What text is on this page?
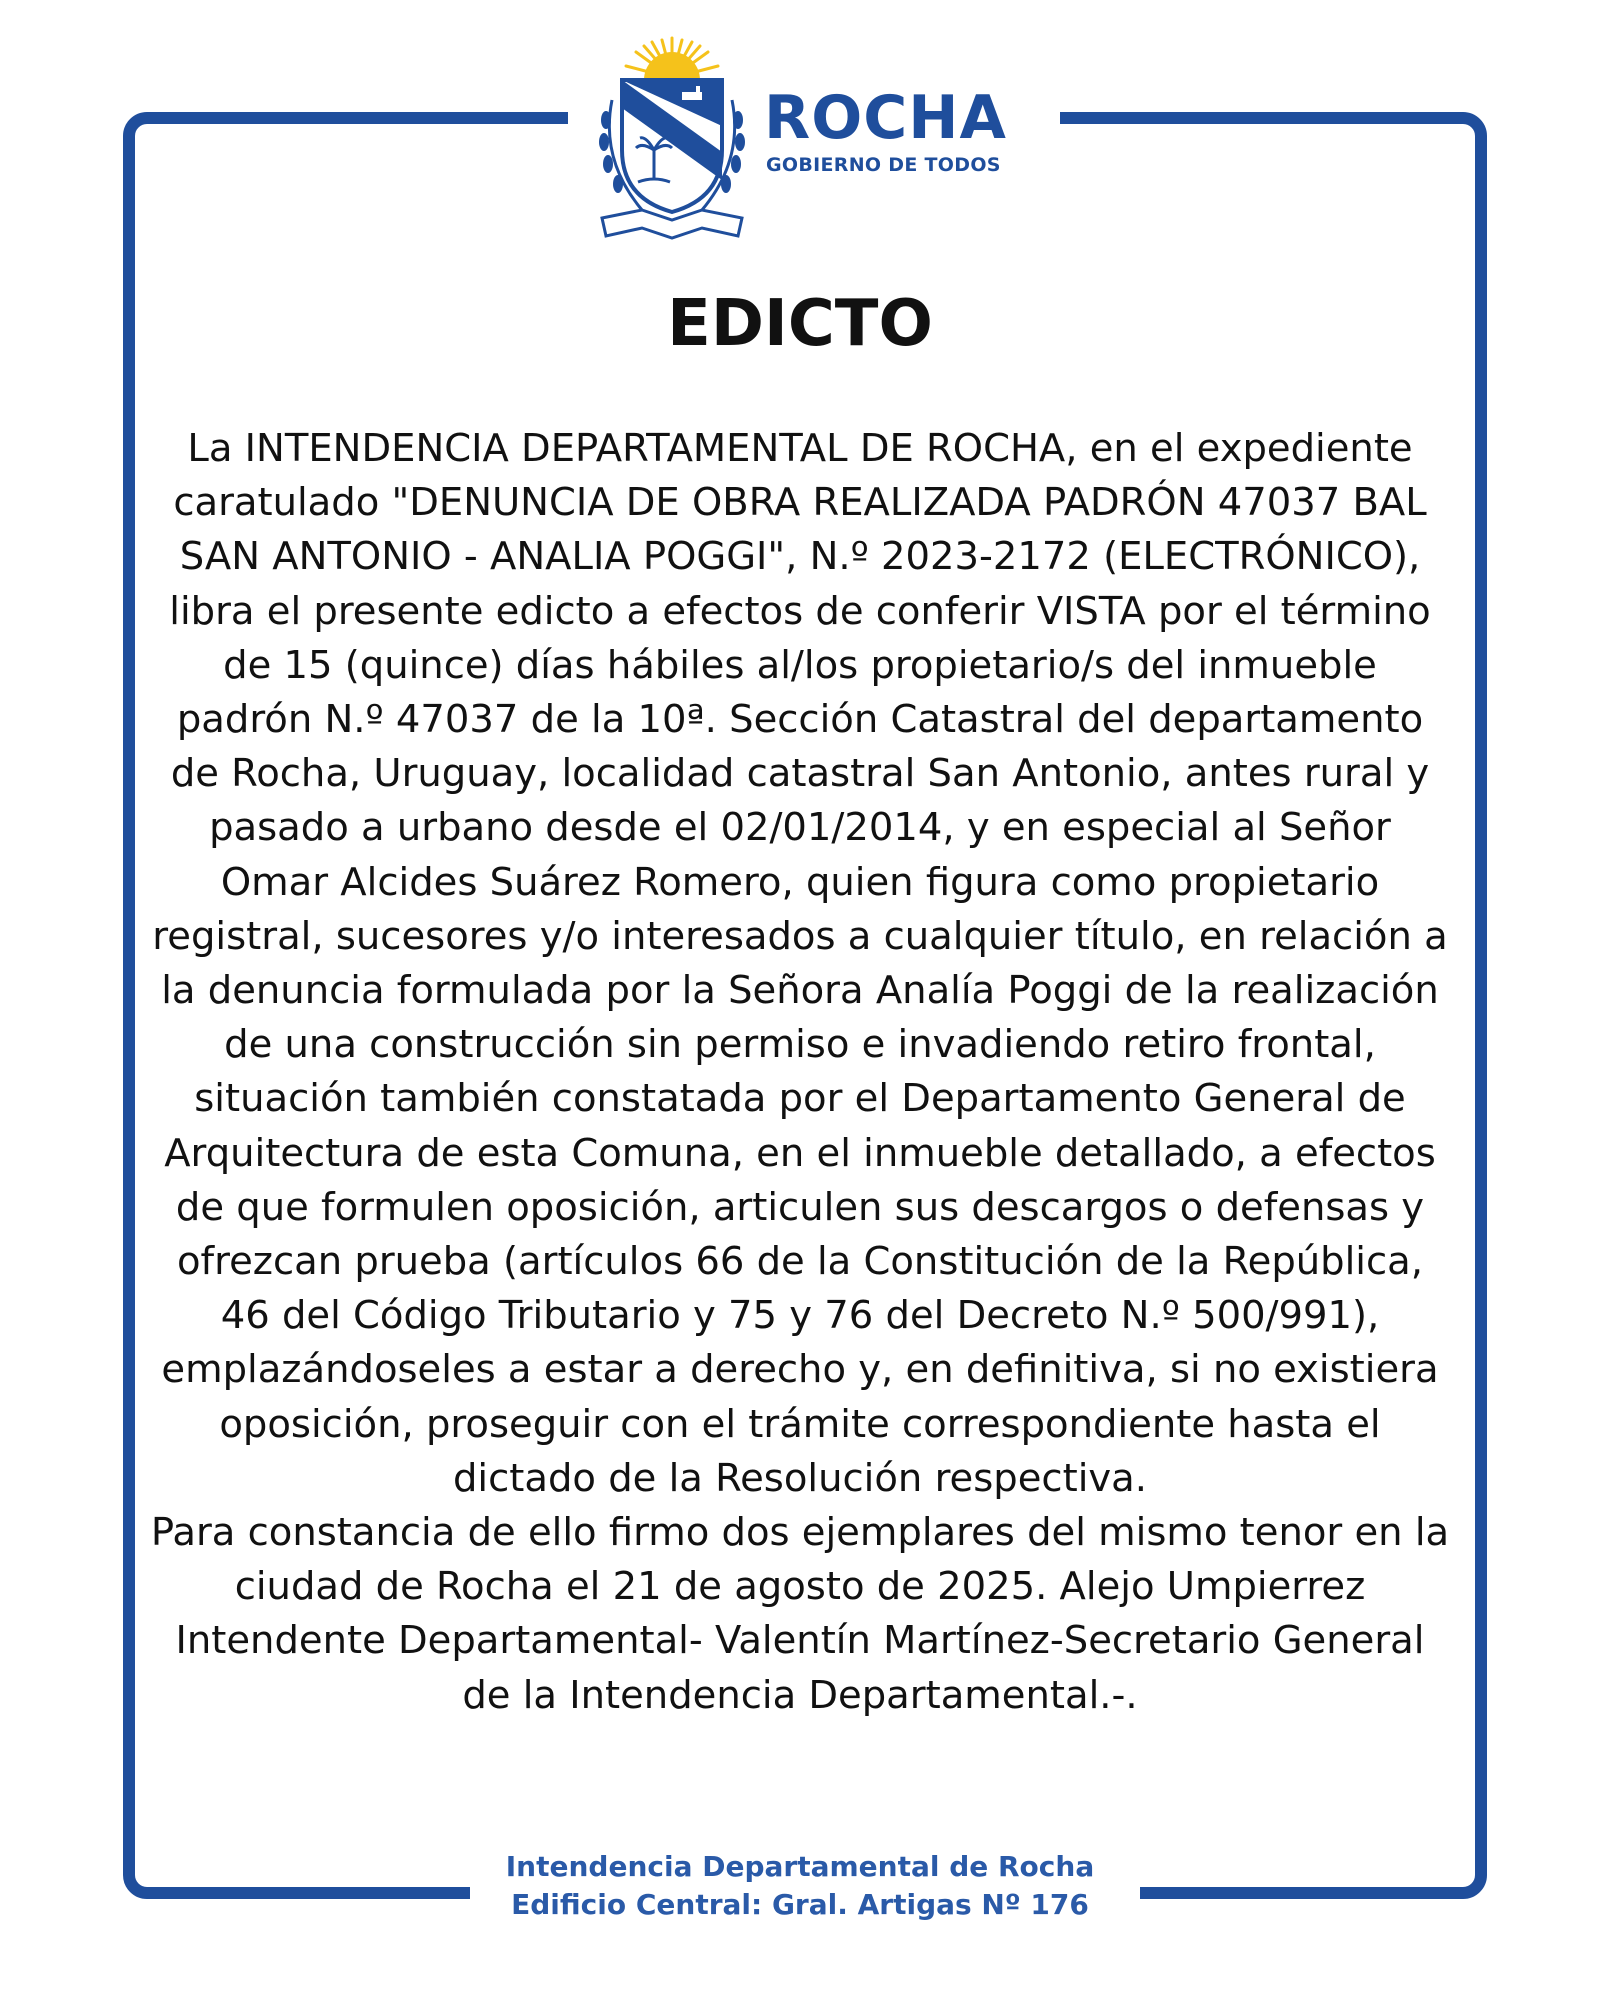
ROCHA

GOBIERNO DE TODOS

EDICTO

La INTENDENCIA DEPARTAMENTAL DE ROCHA, en el expediente caratulado "DENUNCIA DE OBRA REALIZADA PADRÓN 47037 BAL SAN ANTONIO - ANALIA POGGI", N.º 2023-2172 (ELECTRÓNICO), libra el presente edicto a efectos de conferir VISTA por el término de 15 (quince) días hábiles al/los propietario/s del inmueble padrón N.º 47037 de la 10ª. Sección Catastral del departamento de Rocha, Uruguay, localidad catastral San Antonio, antes rural y pasado a urbano desde el 02/01/2014, y en especial al Señor Omar Alcides Suárez Romero, quien figura como propietario registral, sucesores y/o interesados a cualquier título, en relación a la denuncia formulada por la Señora Analía Poggi de la realización de una construcción sin permiso e invadiendo retiro frontal, situación también constatada por el Departamento General de Arquitectura de esta Comuna, en el inmueble detallado, a efectos de que formulen oposición, articulen sus descargos o defensas y ofrezcan prueba (artículos 66 de la Constitución de la República, 46 del Código Tributario y 75 y 76 del Decreto N.º 500/991), emplazándoseles a estar a derecho y, en definitiva, si no existiera oposición, proseguir con el trámite correspondiente hasta el dictado de la Resolución respectiva.

Para constancia de ello firmo dos ejemplares del mismo tenor en la ciudad de Rocha el 21 de agosto de 2025. Alejo Umpierrez Intendente Departamental- Valentín Martínez-Secretario General de la Intendencia Departamental.-.

Intendencia Departamental de Rocha
Edificio Central: Gral. Artigas Nº 176
